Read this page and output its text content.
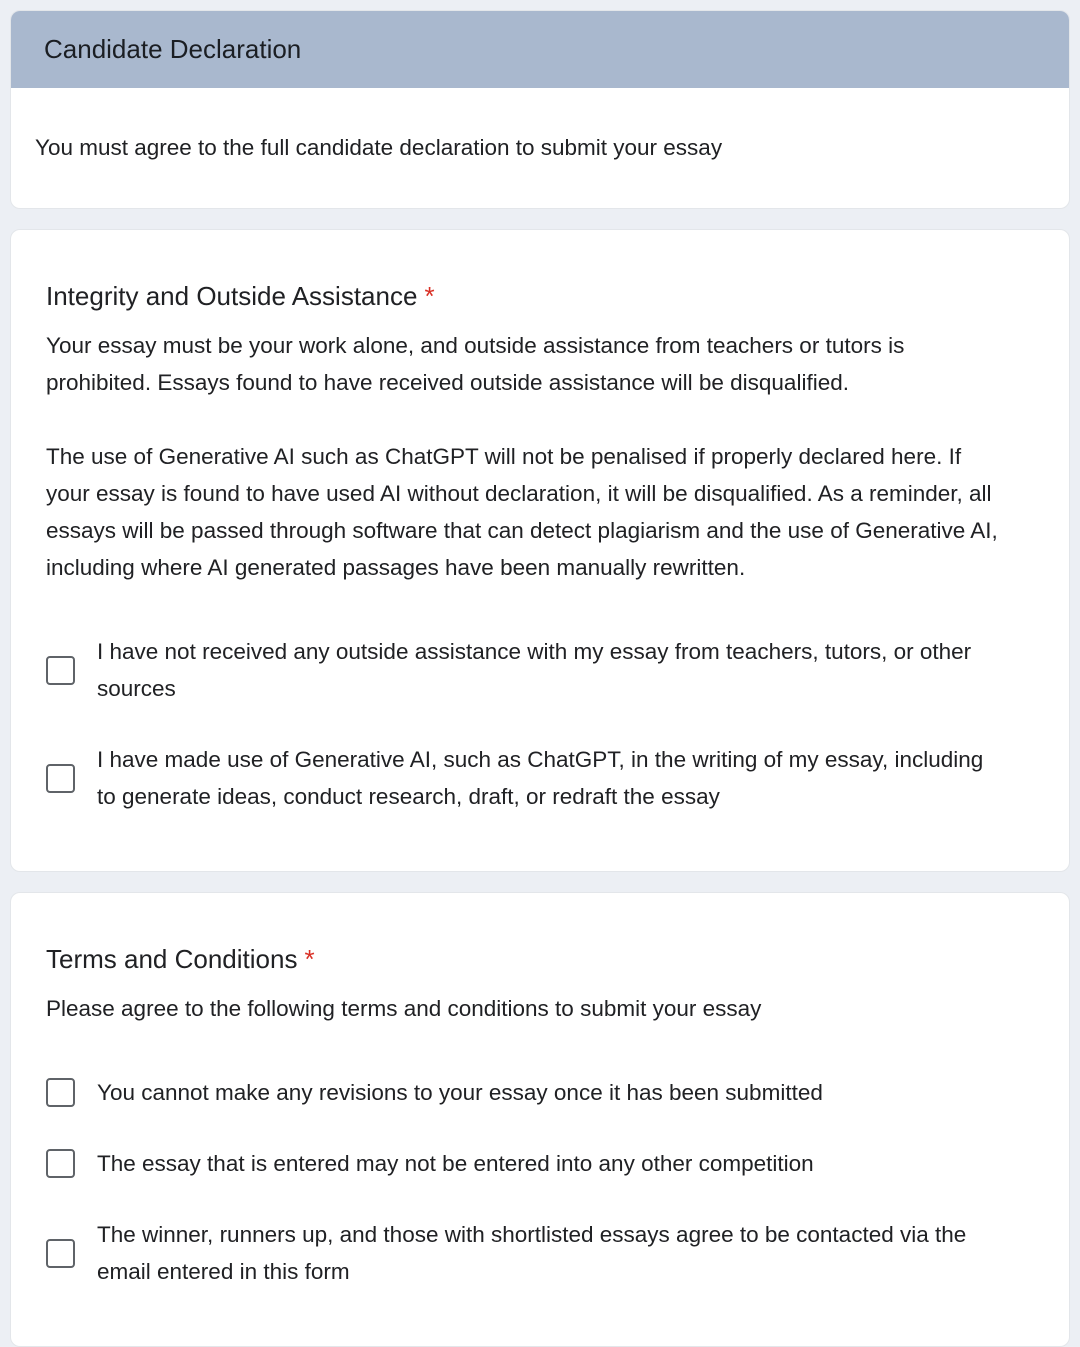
Candidate Declaration
You must agree to the full candidate declaration to submit your essay
Integrity and Outside Assistance *

Your essay must be your work alone, and outside assistance from teachers or tutors is prohibited. Essays found to have received outside assistance will be disqualified.

The use of Generative AI such as ChatGPT will not be penalised if properly declared here. If your essay is found to have used AI without declaration, it will be disqualified. As a reminder, all essays will be passed through software that can detect plagiarism and the use of Generative AI, including where AI generated passages have been manually rewritten.

I have not received any outside assistance with my essay from teachers, tutors, or other sources
I have made use of Generative AI, such as ChatGPT, in the writing of my essay, including to generate ideas, conduct research, draft, or redraft the essay
Terms and Conditions *

Please agree to the following terms and conditions to submit your essay

You cannot make any revisions to your essay once it has been submitted
The essay that is entered may not be entered into any other competition
The winner, runners up, and those with shortlisted essays agree to be contacted via the email entered in this form
